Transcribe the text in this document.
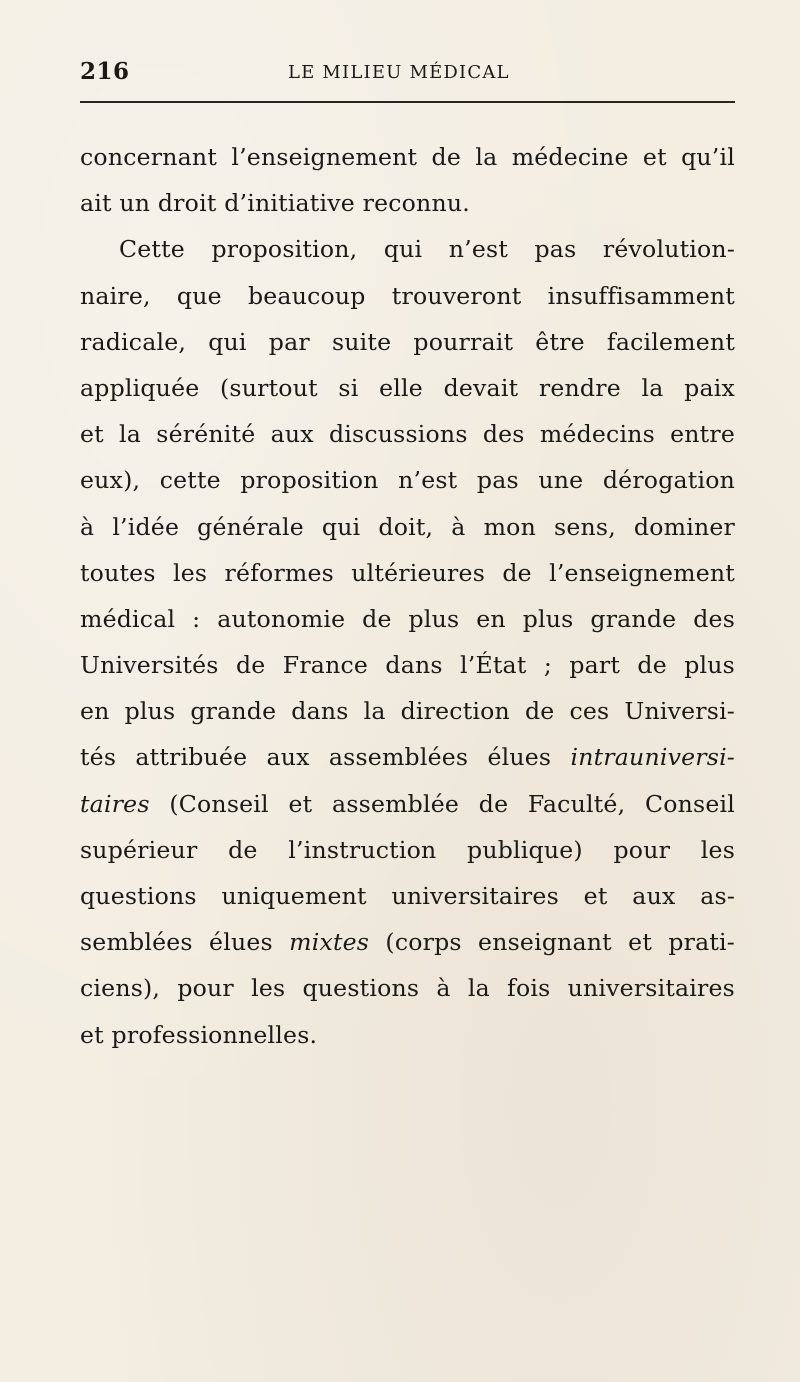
216	LE MILIEU MÉDICAL
concernant l’enseignement de la médecine et qu’il
ait un droit d’initiative reconnu.
Cette proposition, qui n’est pas révolution-
naire, que beaucoup trouveront insuffisamment
radicale, qui par suite pourrait être facilement
appliquée (surtout si elle devait rendre la paix
et la sérénité aux discussions des médecins entre
eux), cette proposition n’est pas une dérogation
à l’idée générale qui doit, à mon sens, dominer
toutes les réformes ultérieures de l’enseignement
médical : autonomie de plus en plus grande des
Universités de France dans l’État ; part de plus
en plus grande dans la direction de ces Universi-
tés attribuée aux assemblées élues intrauniversi-
taires (Conseil et assemblée de Faculté, Conseil
supérieur de l’instruction publique) pour les
questions uniquement universitaires et aux as-
semblées élues mixtes (corps enseignant et prati-
ciens), pour les questions à la fois universitaires
et professionnelles.
